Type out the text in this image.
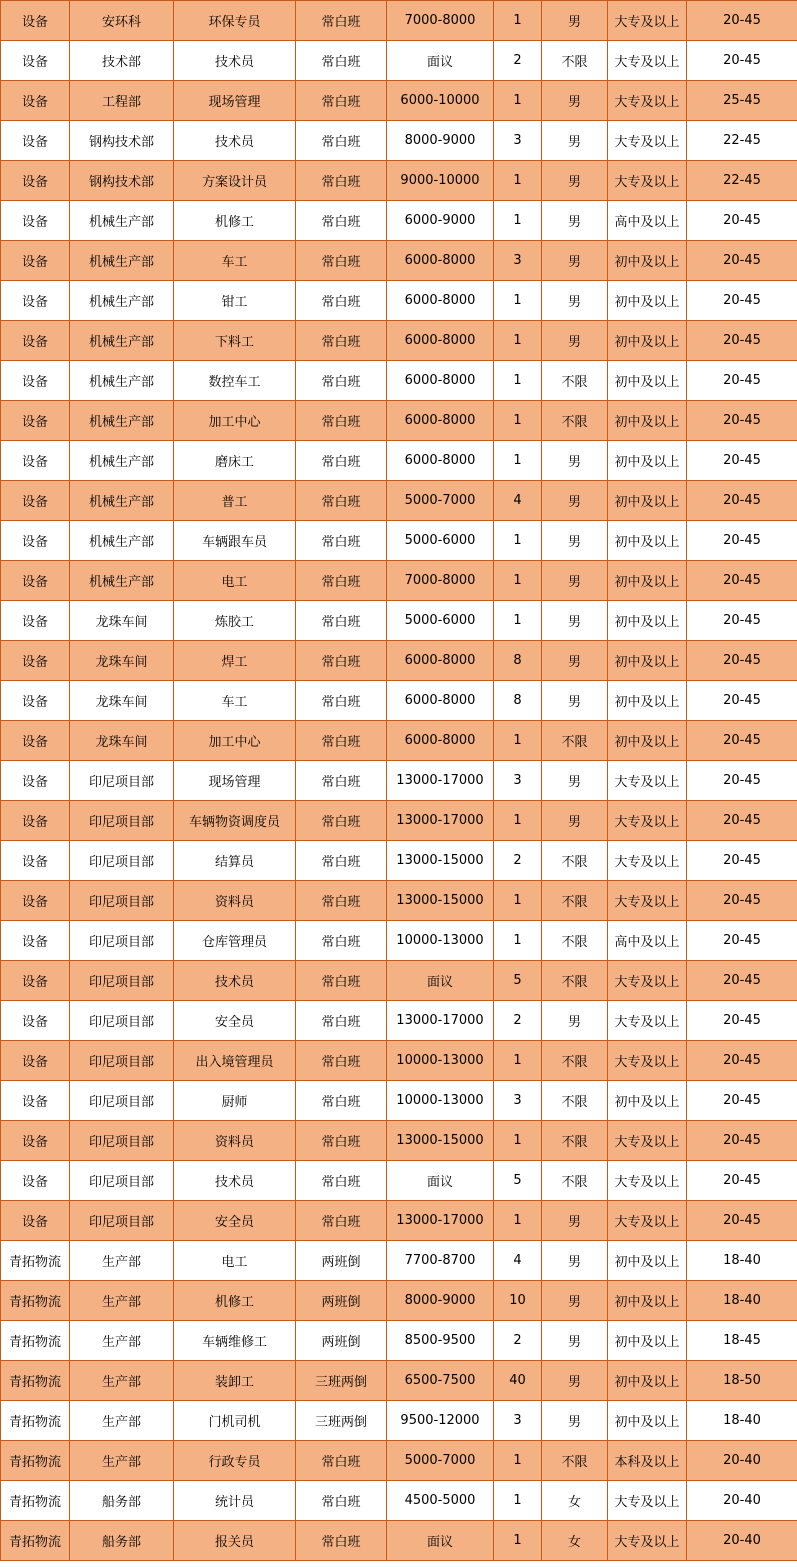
设备	安环科	环保专员	常白班	7000-8000	1	男	大专及以上	20-45
设备	技术部	技术员	常白班	面议	2	不限	大专及以上	20-45
设备	工程部	现场管理	常白班	6000-10000	1	男	大专及以上	25-45
设备	钢构技术部	技术员	常白班	8000-9000	3	男	大专及以上	22-45
设备	钢构技术部	方案设计员	常白班	9000-10000	1	男	大专及以上	22-45
设备	机械生产部	机修工	常白班	6000-9000	1	男	高中及以上	20-45
设备	机械生产部	车工	常白班	6000-8000	3	男	初中及以上	20-45
设备	机械生产部	钳工	常白班	6000-8000	1	男	初中及以上	20-45
设备	机械生产部	下料工	常白班	6000-8000	1	男	初中及以上	20-45
设备	机械生产部	数控车工	常白班	6000-8000	1	不限	初中及以上	20-45
设备	机械生产部	加工中心	常白班	6000-8000	1	不限	初中及以上	20-45
设备	机械生产部	磨床工	常白班	6000-8000	1	男	初中及以上	20-45
设备	机械生产部	普工	常白班	5000-7000	4	男	初中及以上	20-45
设备	机械生产部	车辆跟车员	常白班	5000-6000	1	男	初中及以上	20-45
设备	机械生产部	电工	常白班	7000-8000	1	男	初中及以上	20-45
设备	龙珠车间	炼胶工	常白班	5000-6000	1	男	初中及以上	20-45
设备	龙珠车间	焊工	常白班	6000-8000	8	男	初中及以上	20-45
设备	龙珠车间	车工	常白班	6000-8000	8	男	初中及以上	20-45
设备	龙珠车间	加工中心	常白班	6000-8000	1	不限	初中及以上	20-45
设备	印尼项目部	现场管理	常白班	13000-17000	3	男	大专及以上	20-45
设备	印尼项目部	车辆物资调度员	常白班	13000-17000	1	男	大专及以上	20-45
设备	印尼项目部	结算员	常白班	13000-15000	2	不限	大专及以上	20-45
设备	印尼项目部	资料员	常白班	13000-15000	1	不限	大专及以上	20-45
设备	印尼项目部	仓库管理员	常白班	10000-13000	1	不限	高中及以上	20-45
设备	印尼项目部	技术员	常白班	面议	5	不限	大专及以上	20-45
设备	印尼项目部	安全员	常白班	13000-17000	2	男	大专及以上	20-45
设备	印尼项目部	出入境管理员	常白班	10000-13000	1	不限	大专及以上	20-45
设备	印尼项目部	厨师	常白班	10000-13000	3	不限	初中及以上	20-45
设备	印尼项目部	资料员	常白班	13000-15000	1	不限	大专及以上	20-45
设备	印尼项目部	技术员	常白班	面议	5	不限	大专及以上	20-45
设备	印尼项目部	安全员	常白班	13000-17000	1	男	大专及以上	20-45
青拓物流	生产部	电工	两班倒	7700-8700	4	男	初中及以上	18-40
青拓物流	生产部	机修工	两班倒	8000-9000	10	男	初中及以上	18-40
青拓物流	生产部	车辆维修工	两班倒	8500-9500	2	男	初中及以上	18-45
青拓物流	生产部	装卸工	三班两倒	6500-7500	40	男	初中及以上	18-50
青拓物流	生产部	门机司机	三班两倒	9500-12000	3	男	初中及以上	18-40
青拓物流	生产部	行政专员	常白班	5000-7000	1	不限	本科及以上	20-40
青拓物流	船务部	统计员	常白班	4500-5000	1	女	大专及以上	20-40
青拓物流	船务部	报关员	常白班	面议	1	女	大专及以上	20-40
